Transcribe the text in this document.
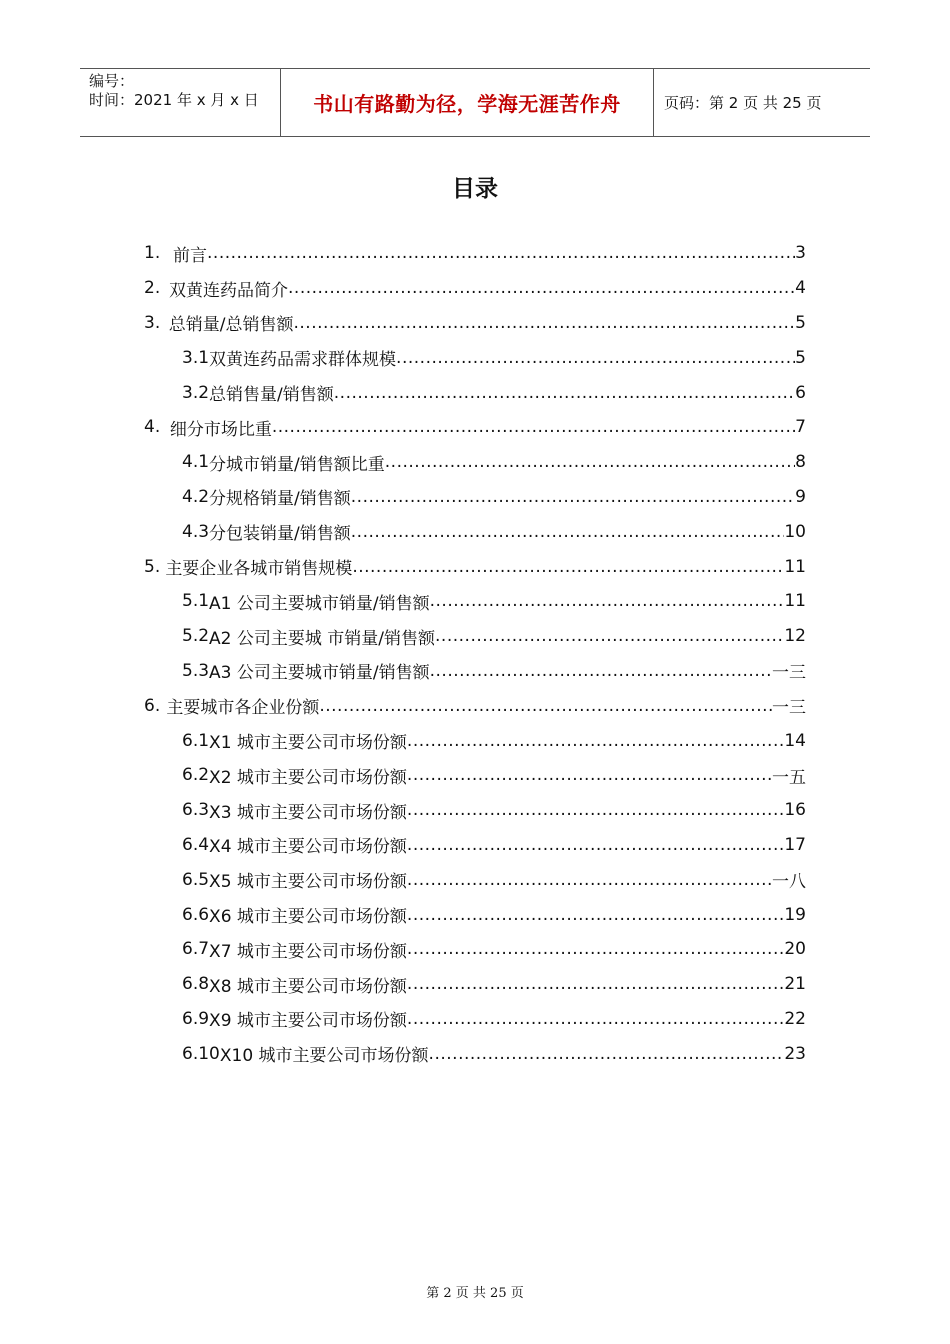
编号：
时间：2021 年 x 月 x 日	书山有路勤为径，学海无涯苦作舟	页码：第 2 页 共 25 页
目录
1. 前言 .....	3
2. 双黄连药品简介 .....	4
3. 总销量/总销售额 .....	5
3.1 双黄连药品需求群体规模 .....	5
3.2 总销售量/销售额 .....	6
4. 细分市场比重 .....	7
4.1 分城市销量/销售额比重 .....	8
4.2 分规格销量/销售额 .....	9
4.3 分包装销量/销售额 .....	10
5. 主要企业各城市销售规模 .....	11
5.1 A1 公司主要城市销量/销售额 .....	11
5.2 A2 公司主要城 市销量/销售额 .....	12
5.3 A3 公司主要城市销量/销售额 .....	一三
6. 主要城市各企业份额 .....	一三
6.1 X1 城市主要公司市场份额 .....	14
6.2 X2 城市主要公司市场份额 .....	一五
6.3 X3 城市主要公司市场份额 .....	16
6.4 X4 城市主要公司市场份额 .....	17
6.5 X5 城市主要公司市场份额 .....	一八
6.6 X6 城市主要公司市场份额 .....	19
6.7 X7 城市主要公司市场份额 .....	20
6.8 X8 城市主要公司市场份额 .....	21
6.9 X9 城市主要公司市场份额 .....	22
6.10 X10 城市主要公司市场份额 .....	23
第 2 页 共 25 页
